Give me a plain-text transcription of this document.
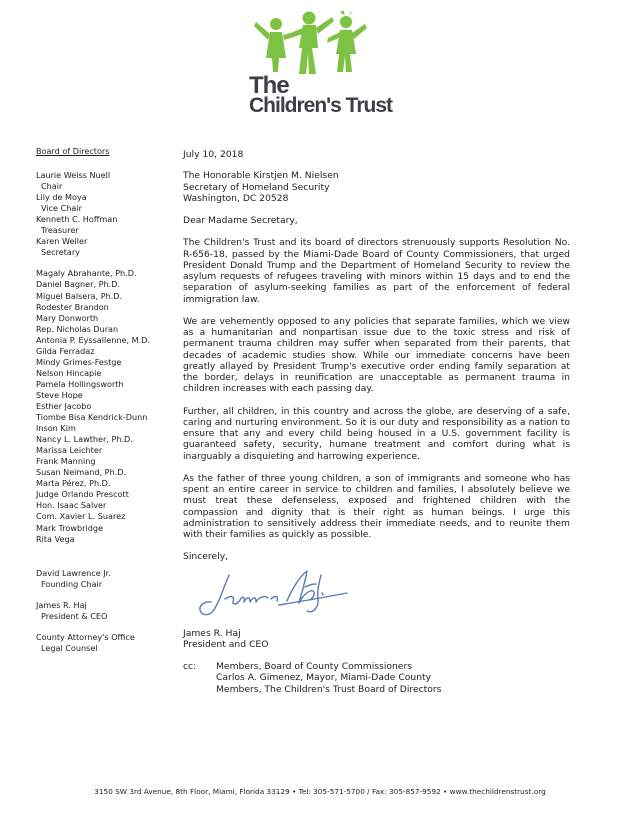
The
Children's Trust
Board of Directors
Laurie Weiss Nuell
Chair
Lily de Moya
Vice Chair
Kenneth C. Hoffman
Treasurer
Karen Weller
Secretary
Magaly Abrahante, Ph.D.
Daniel Bagner, Ph.D.
Miguel Balsera, Ph.D.
Rodester Brandon
Mary Donworth
Rep. Nicholas Duran
Antonia P. Eyssallenne, M.D.
Gilda Ferradaz
Mindy Grimes-Festge
Nelson Hincapie
Pamela Hollingsworth
Steve Hope
Esther Jacobo
Tiombe Bisa Kendrick-Dunn
Inson Kim
Nancy L. Lawther, Ph.D.
Marissa Leichter
Frank Manning
Susan Neimand, Ph.D.
Marta Pérez, Ph.D.
Judge Orlando Prescott
Hon. Isaac Salver
Com. Xavier L. Suarez
Mark Trowbridge
Rita Vega
David Lawrence Jr.
Founding Chair
James R. Haj
President & CEO
County Attorney's Office
Legal Counsel

July 10, 2018

The Honorable Kirstjen M. Nielsen

Secretary of Homeland Security

Washington, DC 20528

Dear Madame Secretary,

The Children's Trust and its board of directors strenuously supports Resolution No. R-656-18, passed by the Miami-Dade Board of County Commissioners, that urged President Donald Trump and the Department of Homeland Security to review the asylum requests of refugees traveling with minors within 15 days and to end the separation of asylum-seeking families as part of the enforcement of federal immigration law.

We are vehemently opposed to any policies that separate families, which we view as a humanitarian and nonpartisan issue due to the toxic stress and risk of permanent trauma children may suffer when separated from their parents, that decades of academic studies show. While our immediate concerns have been greatly allayed by President Trump's executive order ending family separation at the border, delays in reunification are unacceptable as permanent trauma in children increases with each passing day.

Further, all children, in this country and across the globe, are deserving of a safe, caring and nurturing environment. So it is our duty and responsibility as a nation to ensure that any and every child being housed in a U.S. government facility is guaranteed safety, security, humane treatment and comfort during what is inarguably a disquieting and harrowing experience.

As the father of three young children, a son of immigrants and someone who has spent an entire career in service to children and families, I absolutely believe we must treat these defenseless, exposed and frightened children with the compassion and dignity that is their right as human beings. I urge this administration to sensitively address their immediate needs, and to reunite them with their families as quickly as possible.

Sincerely,

James R. Haj

President and CEO

cc:	Members, Board of County Commissioners

Carlos A. Gimenez, Mayor, Miami-Dade County

Members, The Children's Trust Board of Directors

3150 SW 3rd Avenue, 8th Floor, Miami, Florida 33129 • Tel: 305-571-5700 / Fax: 305-857-9592 • www.thechildrenstrust.org
